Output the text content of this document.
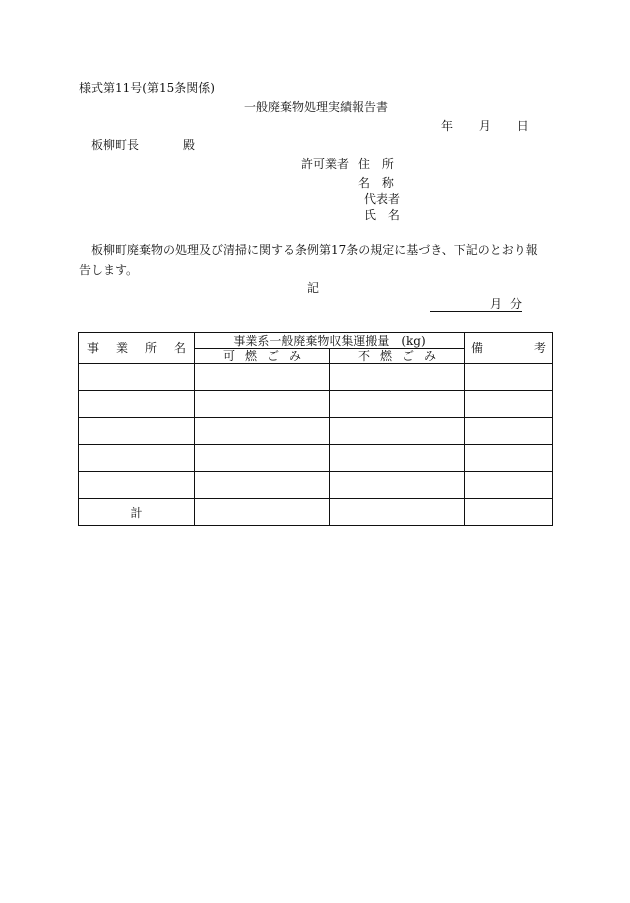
様式第11号(第15条関係)
一般廃棄物処理実績報告書
年 月 日
板柳町長	殿
許可業者 住 所
名 称
代表者
氏 名
板柳町廃棄物の処理及び清掃に関する条例第17条の規定に基づき、下記のとおり報告します。
記
月 分
事 業 所 名	事業系一般廃棄物収集運搬量　(kg)		備 考

	可 燃 ご み	不 燃 ご み	

計			
